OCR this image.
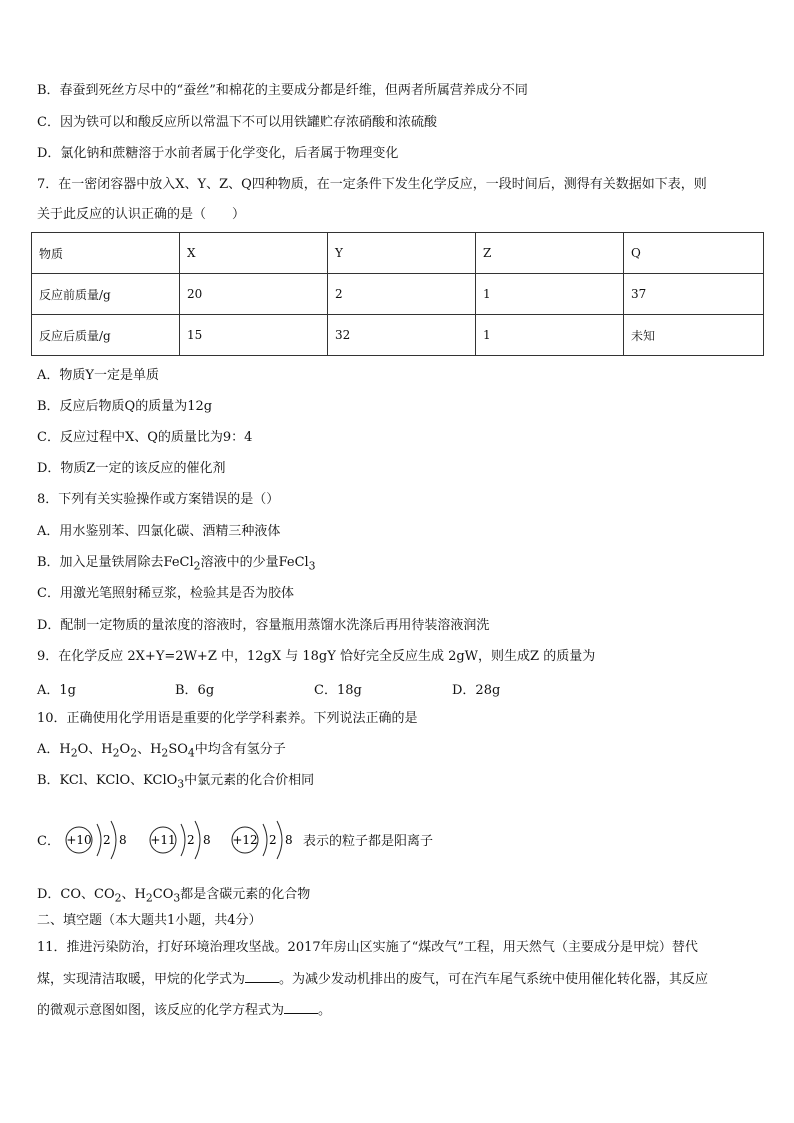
B．春蚕到死丝方尽中的“蚕丝”和棉花的主要成分都是纤维，但两者所属营养成分不同
C．因为铁可以和酸反应所以常温下不可以用铁罐贮存浓硝酸和浓硫酸
D．氯化钠和蔗糖溶于水前者属于化学变化，后者属于物理变化
7．在一密闭容器中放入X、Y、Z、Q四种物质，在一定条件下发生化学反应，一段时间后，测得有关数据如下表，则
关于此反应的认识正确的是（　　）
物质	X	Y	Z	Q
反应前质量/g	20	2	1	37
反应后质量/g	15	32	1	未知
A．物质Y一定是单质
B．反应后物质Q的质量为12g
C．反应过程中X、Q的质量比为9：4
D．物质Z一定的该反应的催化剂
8．下列有关实验操作或方案错误的是（）
A．用水鉴别苯、四氯化碳、酒精三种液体
B．加入足量铁屑除去FeCl$_2$溶液中的少量FeCl$_3$
C．用激光笔照射稀豆浆，检验其是否为胶体
D．配制一定物质的量浓度的溶液时，容量瓶用蒸馏水洗涤后再用待装溶液润洗
9．在化学反应 2X+Y=2W+Z 中，12gX 与 18gY 恰好完全反应生成 2gW，则生成Z 的质量为
A．1g	B．6g	C．18g	D．28g
10．正确使用化学用语是重要的化学学科素养。下列说法正确的是
A．$H_2O$、$H_2O_2$、$H_2SO_4$中均含有氢分子
B．KCl、KClO、KClO$_3$中氯元素的化合价相同
C． +10 2 8 +11 2 8 +12 2 8 表示的粒子都是阳离子
D．CO、$CO_2$、$H_2CO_3$都是含碳元素的化合物
二、填空题（本大题共1小题，共4分）
11．推进污染防治，打好环境治理攻坚战。2017年房山区实施了“煤改气”工程，用天然气（主要成分是甲烷）替代
煤，实现清洁取暖，甲烷的化学式为	。为减少发动机排出的废气，可在汽车尾气系统中使用催化转化器，其反应
的微观示意图如图，该反应的化学方程式为	。
